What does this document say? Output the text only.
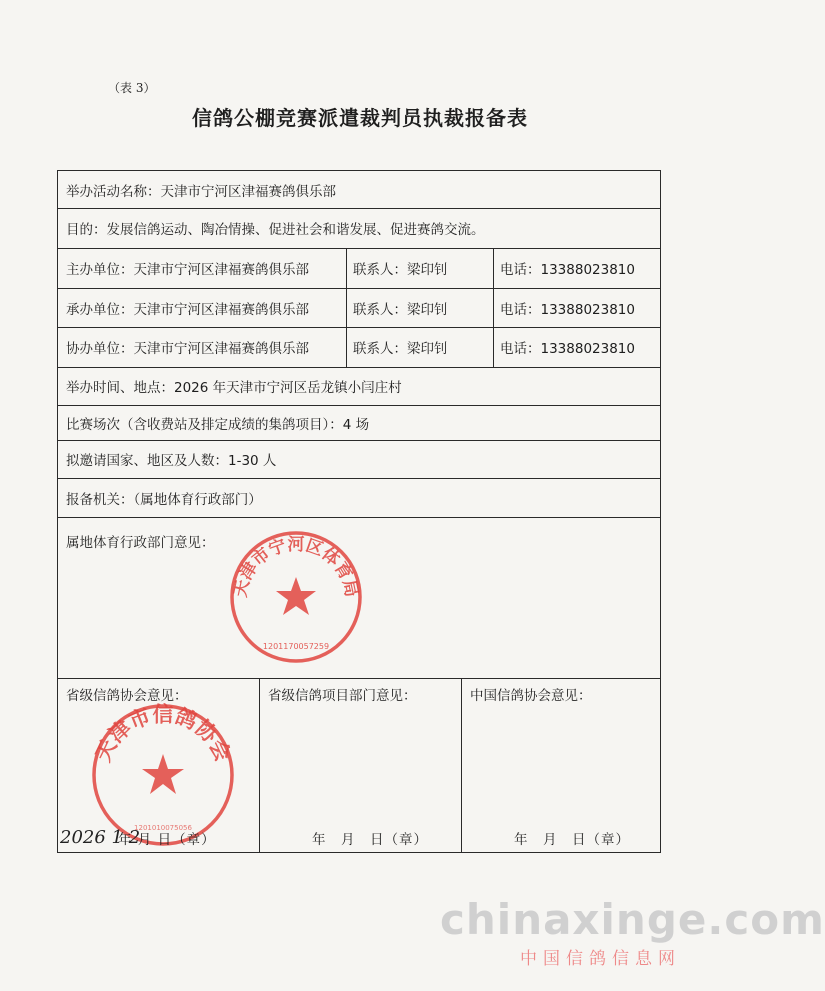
（表 3）
信鸽公棚竞赛派遣裁判员执裁报备表
举办活动名称：天津市宁河区津福赛鸽俱乐部
目的：发展信鸽运动、陶冶情操、促进社会和谐发展、促进赛鸽交流。
主办单位：天津市宁河区津福赛鸽俱乐部	联系人：梁印钊	电话：13388023810
承办单位：天津市宁河区津福赛鸽俱乐部	联系人：梁印钊	电话：13388023810
协办单位：天津市宁河区津福赛鸽俱乐部	联系人：梁印钊	电话：13388023810
举办时间、地点：2026 年天津市宁河区岳龙镇小闫庄村
比赛场次（含收费站及排定成绩的集鸽项目）：4 场
拟邀请国家、地区及人数：1-30 人
报备机关：（属地体育行政部门）
属地体育行政部门意见：
天津市宁河区体育局
1201170057259
省级信鸽协会意见：
天津市信鸽协会
1201010075056
2026 1 2
年 月 日（章）
省级信鸽项目部门意见：
年　月　日（章）
中国信鸽协会意见：
年　月　日（章）
chinaxinge.com
中国信鸽信息网
